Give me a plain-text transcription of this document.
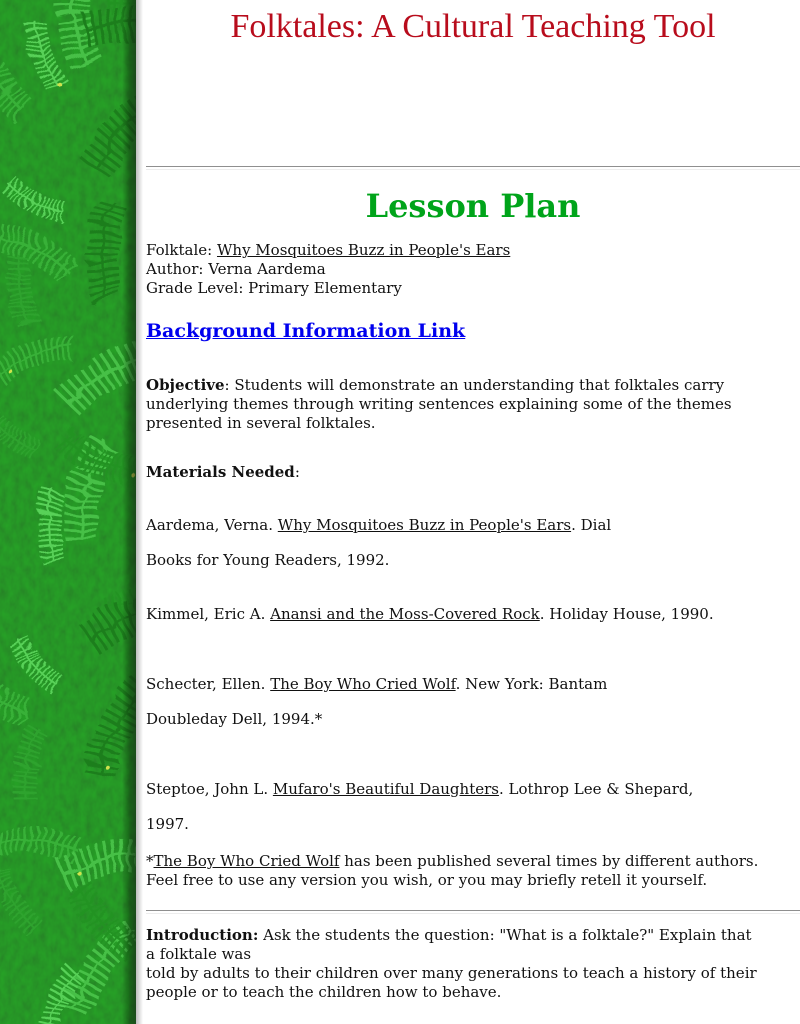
Folktales: A Cultural Teaching Tool
Lesson Plan

Folktale: Why Mosquitoes Buzz in People's Ears
Author: Verna Aardema
Grade Level: Primary Elementary

Background Information Link

Objective: Students will demonstrate an understanding that folktales carry
underlying themes through writing sentences explaining some of the themes
presented in several folktales.

Materials Needed:

Aardema, Verna. Why Mosquitoes Buzz in People's Ears. Dial
Books for Young Readers, 1992.

Kimmel, Eric A. Anansi and the Moss-Covered Rock. Holiday House, 1990.

Schecter, Ellen. The Boy Who Cried Wolf. New York: Bantam
Doubleday Dell, 1994.*

Steptoe, John L. Mufaro's Beautiful Daughters. Lothrop Lee & Shepard,
1997.

*The Boy Who Cried Wolf has been published several times by different authors.
Feel free to use any version you wish, or you may briefly retell it yourself.

Introduction: Ask the students the question: "What is a folktale?" Explain that
a folktale was
told by adults to their children over many generations to teach a history of their
people or to teach the children how to behave.
